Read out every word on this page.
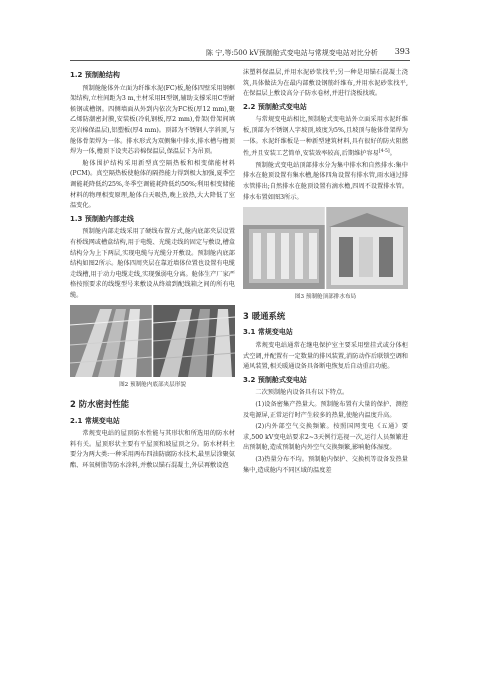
陈 宁,等:500 kV预制舱式变电站与常规变电站对比分析 393
1.2 预制舱结构

预制舱舱体外立面为纤维水泥(FC)板,舱体四壁采用钢框架结构,立柱间距为3 m,主材采用H型钢,辅助支撑采用C型耐候钢或槽钢。四侧墙面从外到内依次为FC板(厚12 mm),聚乙烯防潮密封膜,安装板(冷轧钢板,厚2 mm),骨架(骨架间填充岩棉保温层),铝塑板(厚4 mm)。顶部为不锈钢人字斜顶,与舱体骨架焊为一体。排水形式为双侧集中排水,排水槽与檐顶焊为一体,檐顶下设夹芯岩棉保温层,保温层下为吊顶。

舱体围护结构采用新型真空隔热板和相变储能材料(PCM)。真空隔热板使舱体的隔热能力得到极大加强,夏季空调能耗降低约25%,冬季空调能耗降低约50%;利用相变储能材料的物理相变原理,舱体白天吸热,晚上放热,大大降低了室温变化。

1.3 预制舱内部走线

预制舱内部走线采用了硬线布置方式,舱内底部夹层设置有桥线网或槽盒结构,用于电缆、光缆走线的固定与敷设,槽盒结构分为上下两层,实现电缆与光缆分开敷设。预制舱内底部结构如图2所示。舱体四周夹层在靠近墙体位置也设置有电缆走线槽,用于动力电缆走线,实现强弱电分离。舱体生产厂家严格按照要求的线缆型号来敷设从终端到配线箱之间的所有电缆。

图2 预制舱内底部夹层形貌
2 防水密封性能
2.1 常规变电站

常规变电站的屋顶防水性能与其形状和所选用的防水材料有关。屋顶形状主要有平屋顶和坡屋顶之分。防水材料主要分为两大类:一种采用两布四油防腐防水技术,最里层涂聚氨酯、环氧树脂等防水涂料,并敷以锚石混凝土,外层再敷设泡

沫塑料保温层,并用水泥砂浆找平;另一种是用锚石混凝土浇筑,具体做法为在最内部敷设钢筋纤维布,并用水泥砂浆找平,在保温层上敷设高分子防水卷材,并进行浇板找坡。

2.2 预制舱式变电站

与常规变电站相比,预制舱式变电站外立面采用水泥纤维板,顶部为不锈钢人字坡顶,坡度为5%,且坡顶与舱体骨架焊为一体。水泥纤维板是一种新型建筑材料,具有很好的防火阻燃性,并且安装工艺简单,安装效率较高,后期维护容易[4-5]。

预制舱式变电站顶部排水分为集中排水和自然排水:集中排水在舱顶设置有集水槽,舱体四角设置有排水管,雨水通过排水管排出;自然排水在舱顶设置有滴水檐,四周不设置排水管。排水布置如图3所示。

图3 预制舱顶部排水布局
3 暖通系统
3.1 常规变电站

常规变电站通常在继电保护室主要采用壁挂式或分体柜式空调,并配置有一定数量的排风装置,消防动作后联锁空调和通风装置,相关暖通设备具备断电恢复后自动重启功能。

3.2 预制舱式变电站

二次预制舱内设备具有以下特点。

(1)设备密集产热量大。预制舱布置有大量的保护、测控及电源屏,正常运行时产生较多的热量,使舱内温度升高。

(2)内外部空气交换频繁。按照国网变电《五通》要求,500 kV变电站要求2~3天例行巡视一次,运行人员频繁进出预制舱,造成预制舱内外空气交换频繁,影响舱体湿度。

(3)热量分布不均。预制舱内保护、交换机等设备发热量集中,造成舱内不同区域的温度差
